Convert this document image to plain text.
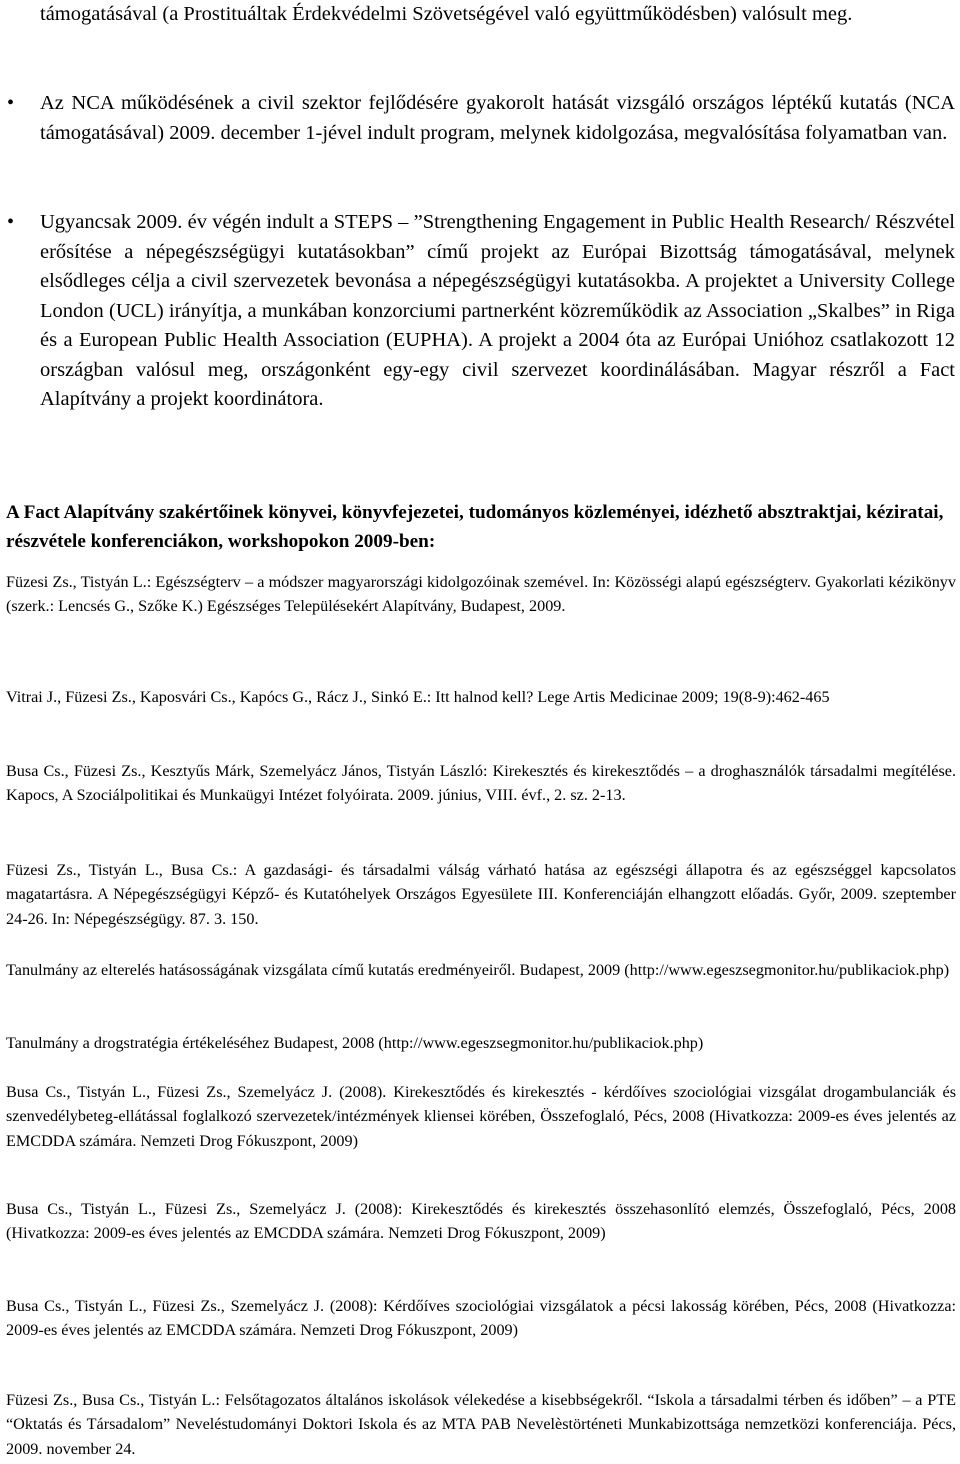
támogatásával (a Prostituáltak Érdekvédelmi Szövetségével való együttműködésben) valósult meg.
• Az NCA működésének a civil szektor fejlődésére gyakorolt hatását vizsgáló országos léptékű kutatás (NCA támogatásával) 2009. december 1-jével indult program, melynek kidolgozása, megvalósítása folyamatban van.
• Ugyancsak 2009. év végén indult a STEPS – ”Strengthening Engagement in Public Health Research/ Részvétel erősítése a népegészségügyi kutatásokban” című projekt az Európai Bizottság támogatásával, melynek elsődleges célja a civil szervezetek bevonása a népegészségügyi kutatásokba. A projektet a University College London (UCL) irányítja, a munkában konzorciumi partnerként közreműködik az Association „Skalbes” in Riga és a European Public Health Association (EUPHA). A projekt a 2004 óta az Európai Unióhoz csatlakozott 12 országban valósul meg, országonként egy-egy civil szervezet koordinálásában. Magyar részről a Fact Alapítvány a projekt koordinátora.
A Fact Alapítvány szakértőinek könyvei, könyvfejezetei, tudományos közleményei, idézhető absztraktjai, kéziratai, részvétele konferenciákon, workshopokon 2009-ben:
Füzesi Zs., Tistyán L.: Egészségterv – a módszer magyarországi kidolgozóinak szemével. In: Közösségi alapú egészségterv. Gyakorlati kézikönyv (szerk.: Lencsés G., Szőke K.) Egészséges Településekért Alapítvány, Budapest, 2009.
Vitrai J., Füzesi Zs., Kaposvári Cs., Kapócs G., Rácz J., Sinkó E.: Itt halnod kell? Lege Artis Medicinae 2009; 19(8-9):462-465
Busa Cs., Füzesi Zs., Kesztyűs Márk, Szemelyácz János, Tistyán László: Kirekesztés és kirekesztődés – a droghasználók társadalmi megítélése. Kapocs, A Szociálpolitikai és Munkaügyi Intézet folyóirata. 2009. június, VIII. évf., 2. sz. 2-13.
Füzesi Zs., Tistyán L., Busa Cs.: A gazdasági- és társadalmi válság várható hatása az egészségi állapotra és az egészséggel kapcsolatos magatartásra. A Népegészségügyi Képző- és Kutatóhelyek Országos Egyesülete III. Konferenciáján elhangzott előadás. Győr, 2009. szeptember 24-26. In: Népegészségügy. 87. 3. 150.
Tanulmány az elterelés hatásosságának vizsgálata című kutatás eredményeiről. Budapest, 2009 (http://www.egeszsegmonitor.hu/publikaciok.php)
Tanulmány a drogstratégia értékeléséhez Budapest, 2008 (http://www.egeszsegmonitor.hu/publikaciok.php)
Busa Cs., Tistyán L., Füzesi Zs., Szemelyácz J. (2008). Kirekesztődés és kirekesztés - kérdőíves szociológiai vizsgálat drogambulanciák és szenvedélybeteg-ellátással foglalkozó szervezetek/intézmények kliensei körében, Összefoglaló, Pécs, 2008 (Hivatkozza: 2009-es éves jelentés az EMCDDA számára. Nemzeti Drog Fókuszpont, 2009)
Busa Cs., Tistyán L., Füzesi Zs., Szemelyácz J. (2008): Kirekesztődés és kirekesztés összehasonlító elemzés, Összefoglaló, Pécs, 2008 (Hivatkozza: 2009-es éves jelentés az EMCDDA számára. Nemzeti Drog Fókuszpont, 2009)
Busa Cs., Tistyán L., Füzesi Zs., Szemelyácz J. (2008): Kérdőíves szociológiai vizsgálatok a pécsi lakosság körében, Pécs, 2008 (Hivatkozza: 2009-es éves jelentés az EMCDDA számára. Nemzeti Drog Fókuszpont, 2009)
Füzesi Zs., Busa Cs., Tistyán L.: Felsőtagozatos általános iskolások vélekedése a kisebbségekről. “Iskola a társadalmi térben és időben” – a PTE “Oktatás és Társadalom” Neveléstudományi Doktori Iskola és az MTA PAB Nevelèstörténeti Munkabizottsága nemzetközi konferenciája. Pécs, 2009. november 24.
